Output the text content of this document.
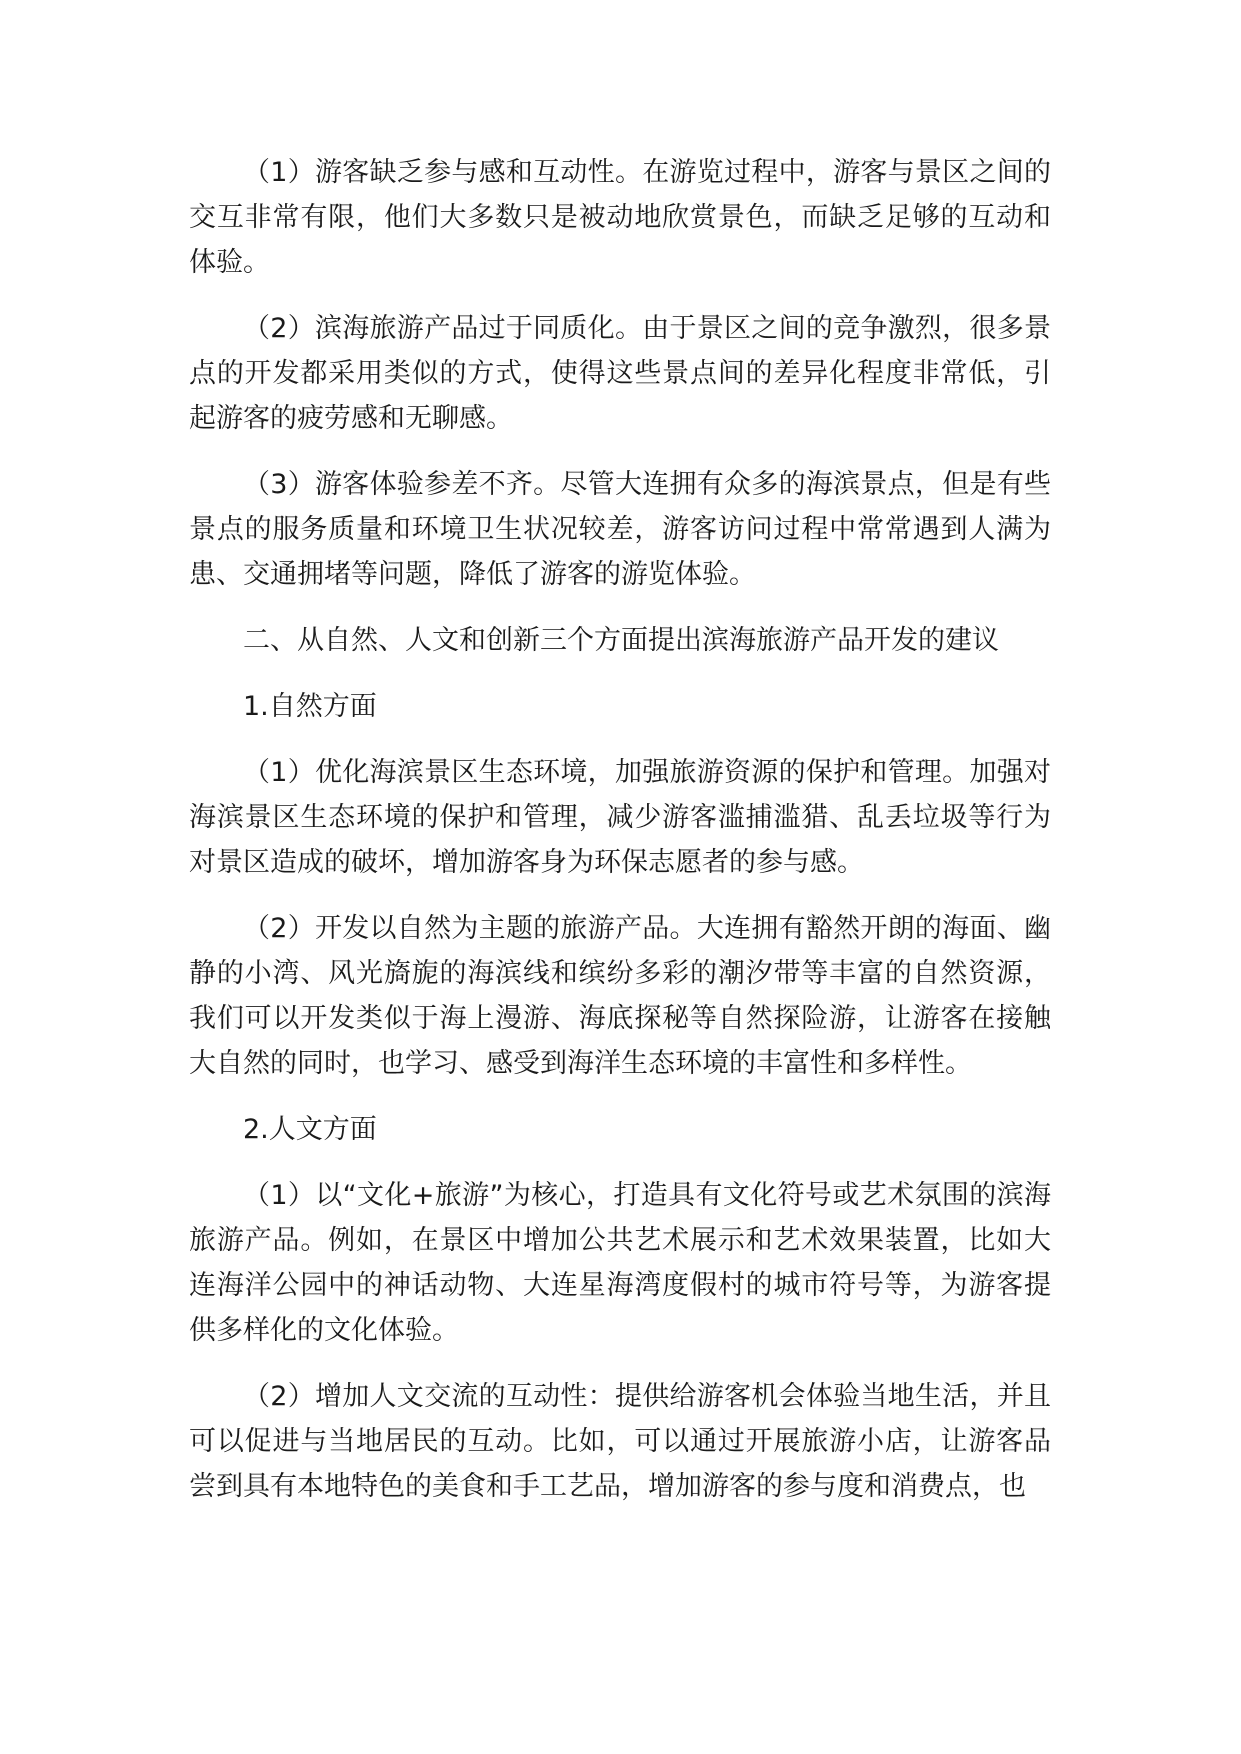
（1）游客缺乏参与感和互动性。在游览过程中，游客与景区之间的交互非常有限，他们大多数只是被动地欣赏景色，而缺乏足够的互动和体验。

（2）滨海旅游产品过于同质化。由于景区之间的竞争激烈，很多景点的开发都采用类似的方式，使得这些景点间的差异化程度非常低，引起游客的疲劳感和无聊感。

（3）游客体验参差不齐。尽管大连拥有众多的海滨景点，但是有些景点的服务质量和环境卫生状况较差，游客访问过程中常常遇到人满为患、交通拥堵等问题，降低了游客的游览体验。

二、从自然、人文和创新三个方面提出滨海旅游产品开发的建议

1.自然方面

（1）优化海滨景区生态环境，加强旅游资源的保护和管理。加强对海滨景区生态环境的保护和管理，减少游客滥捕滥猎、乱丢垃圾等行为对景区造成的破坏，增加游客身为环保志愿者的参与感。

（2）开发以自然为主题的旅游产品。大连拥有豁然开朗的海面、幽静的小湾、风光旖旎的海滨线和缤纷多彩的潮汐带等丰富的自然资源，我们可以开发类似于海上漫游、海底探秘等自然探险游，让游客在接触大自然的同时，也学习、感受到海洋生态环境的丰富性和多样性。

2.人文方面

（1）以“文化+旅游”为核心，打造具有文化符号或艺术氛围的滨海旅游产品。例如，在景区中增加公共艺术展示和艺术效果装置，比如大连海洋公园中的神话动物、大连星海湾度假村的城市符号等，为游客提供多样化的文化体验。

（2）增加人文交流的互动性：提供给游客机会体验当地生活，并且可以促进与当地居民的互动。比如，可以通过开展旅游小店，让游客品尝到具有本地特色的美食和手工艺品，增加游客的参与度和消费点，也
